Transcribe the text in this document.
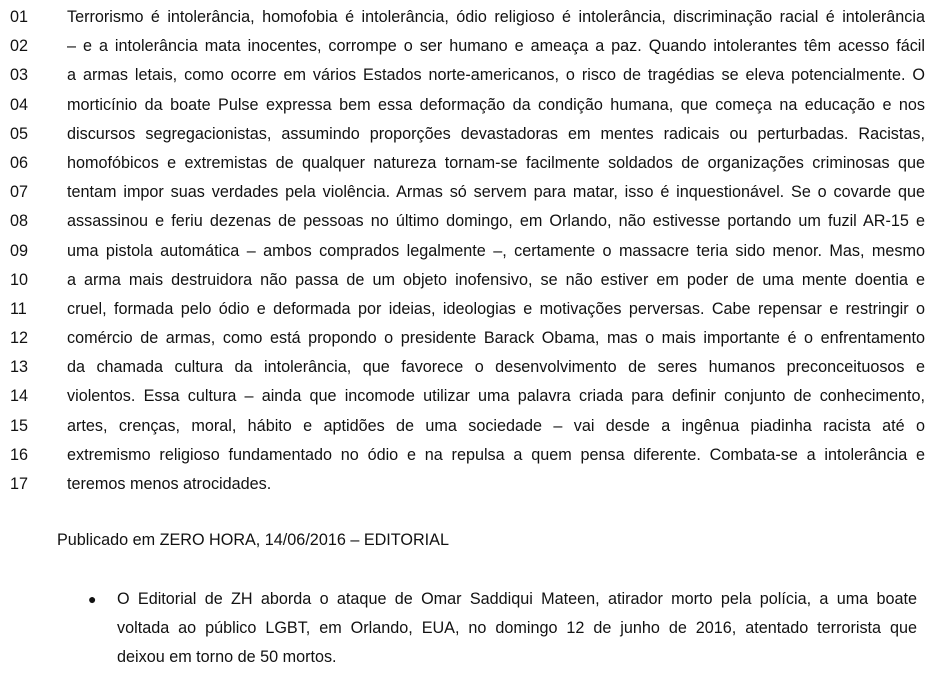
01	Terrorismo é intolerância, homofobia é intolerância, ódio religioso é intolerância, discriminação racial é intolerância
02	– e a intolerância mata inocentes, corrompe o ser humano e ameaça a paz. Quando intolerantes têm acesso fácil
03	a armas letais, como ocorre em vários Estados norte-americanos, o risco de tragédias se eleva potencialmente. O
04	morticínio da boate Pulse expressa bem essa deformação da condição humana, que começa na educação e nos
05	discursos segregacionistas, assumindo proporções devastadoras em mentes radicais ou perturbadas. Racistas,
06	homofóbicos e extremistas de qualquer natureza tornam-se facilmente soldados de organizações criminosas que
07	tentam impor suas verdades pela violência. Armas só servem para matar, isso é inquestionável. Se o covarde que
08	assassinou e feriu dezenas de pessoas no último domingo, em Orlando, não estivesse portando um fuzil AR-15 e
09	uma pistola automática – ambos comprados legalmente –, certamente o massacre teria sido menor. Mas, mesmo
10	a arma mais destruidora não passa de um objeto inofensivo, se não estiver em poder de uma mente doentia e
11	cruel, formada pelo ódio e deformada por ideias, ideologias e motivações perversas. Cabe repensar e restringir o
12	comércio de armas, como está propondo o presidente Barack Obama, mas o mais importante é o enfrentamento
13	da chamada cultura da intolerância, que favorece o desenvolvimento de seres humanos preconceituosos e
14	violentos. Essa cultura – ainda que incomode utilizar uma palavra criada para definir conjunto de conhecimento,
15	artes, crenças, moral, hábito e aptidões de uma sociedade – vai desde a ingênua piadinha racista até o
16	extremismo religioso fundamentado no ódio e na repulsa a quem pensa diferente. Combata-se a intolerância e
17	teremos menos atrocidades.
Publicado em ZERO HORA, 14/06/2016 – EDITORIAL
●	O Editorial de ZH aborda o ataque de Omar Saddiqui Mateen, atirador morto pela polícia, a uma boate
voltada ao público LGBT, em Orlando, EUA, no domingo 12 de junho de 2016, atentado terrorista que
deixou em torno de 50 mortos.
